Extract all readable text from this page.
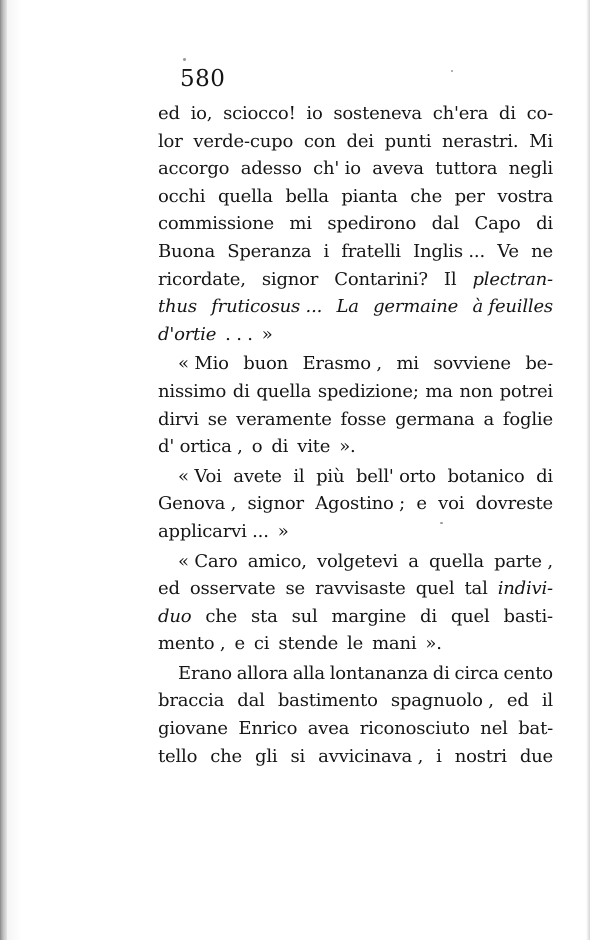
580
ed io, sciocco! io sosteneva ch'era di co-
lor verde-cupo con dei punti nerastri. Mi
accorgo adesso ch' io aveva tuttora negli
occhi quella bella pianta che per vostra
commissione mi spedirono dal Capo di
Buona Speranza i fratelli Inglis ... Ve ne
ricordate, signor Contarini? Il plectran-
thus fruticosus ... La germaine à feuilles
d'ortie . . . »
« Mio buon Erasmo , mi sovviene be-
nissimo di quella spedizione; ma non potrei
dirvi se veramente fosse germana a foglie
d' ortica , o di vite ».
« Voi avete il più bell' orto botanico di
Genova , signor Agostino ; e voi dovreste
applicarvi ... »
« Caro amico, volgetevi a quella parte ,
ed osservate se ravvisaste quel tal indivi-
duo che sta sul margine di quel basti-
mento , e ci stende le mani ».
Erano allora alla lontananza di circa cento
braccia dal bastimento spagnuolo , ed il
giovane Enrico avea riconosciuto nel bat-
tello che gli si avvicinava , i nostri due
